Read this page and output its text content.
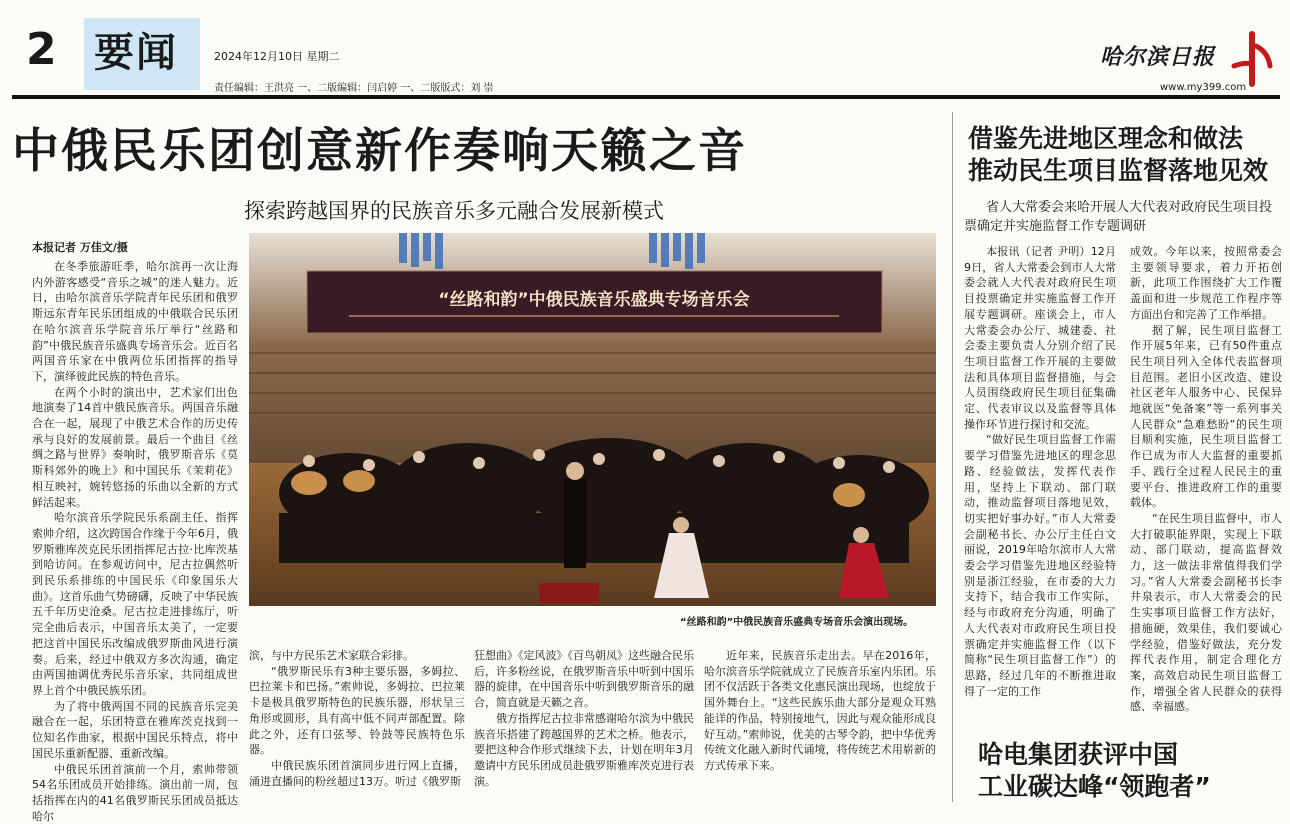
2 要闻	2024年12月10日 星期二
责任编辑：王洪亮 一、二版编辑：闫启婷 一、二版版式：刘 崇
哈尔滨日报
www.my399.com
中俄民乐团创意新作奏响天籁之音
探索跨越国界的民族音乐多元融合发展新模式
本报记者 万佳文/摄

在冬季旅游旺季，哈尔滨再一次让海内外游客感受“音乐之城”的迷人魅力。近日，由哈尔滨音乐学院青年民乐团和俄罗斯远东青年民乐团组成的中俄联合民乐团在哈尔滨音乐学院音乐厅举行“丝路和韵”中俄民族音乐盛典专场音乐会。近百名两国音乐家在中俄两位乐团指挥的指导下，演绎彼此民族的特色音乐。

在两个小时的演出中，艺术家们出色地演奏了14首中俄民族音乐。两国音乐融合在一起，展现了中俄艺术合作的历史传承与良好的发展前景。最后一个曲目《丝绸之路与世界》奏响时，俄罗斯音乐《莫斯科郊外的晚上》和中国民乐《茉莉花》相互映衬，婉转悠扬的乐曲以全新的方式鲜活起来。

哈尔滨音乐学院民乐系副主任、指挥索帅介绍，这次跨国合作缘于今年6月，俄罗斯雅库茨克民乐团指挥尼古拉·比库茨基到哈访问。在参观访问中，尼古拉偶然听到民乐系排练的中国民乐《印象国乐大曲》。这首乐曲气势磅礴，反映了中华民族五千年历史沧桑。尼古拉走进排练厅，听完全曲后表示，中国音乐太美了，一定要把这首中国民乐改编成俄罗斯曲风进行演奏。后来，经过中俄双方多次沟通，确定由两国抽调优秀民乐音乐家，共同组成世界上首个中俄民族乐团。

为了将中俄两国不同的民族音乐完美融合在一起，乐团特意在雅库茨克找到一位知名作曲家，根据中国民乐特点，将中国民乐重新配器、重新改编。

中俄民乐团首演前一个月，索帅带领54名乐团成员开始排练。演出前一周，包括指挥在内的41名俄罗斯民乐团成员抵达哈尔

“丝路和韵”中俄民族音乐盛典专场音乐会
“丝路和韵”中俄民族音乐盛典专场音乐会演出现场。

滨，与中方民乐艺术家联合彩排。

“俄罗斯民乐有3种主要乐器，多姆拉、巴拉莱卡和巴扬。”索帅说，多姆拉、巴拉莱卡是极具俄罗斯特色的民族乐器，形状呈三角形或圆形，具有高中低不同声部配置。除此之外，还有口弦琴、铃鼓等民族特色乐器。

中俄民族乐团首演同步进行网上直播，涌进直播间的粉丝超过13万。听过《俄罗斯

狂想曲》《定风波》《百鸟朝凤》这些融合民乐后，许多粉丝说，在俄罗斯音乐中听到中国乐器的旋律，在中国音乐中听到俄罗斯音乐的融合，简直就是天籁之音。

俄方指挥尼古拉非常感谢哈尔滨为中俄民族音乐搭建了跨越国界的艺术之桥。他表示，要把这种合作形式继续下去，计划在明年3月邀请中方民乐团成员赴俄罗斯雅库茨克进行表演。

近年来，民族音乐走出去。早在2016年，哈尔滨音乐学院就成立了民族音乐室内乐团。乐团不仅活跃于各类文化惠民演出现场，也绽放于国外舞台上。“这些民族乐曲大部分是观众耳熟能详的作品，特别接地气，因此与观众能形成良好互动。”索帅说，优美的古琴令韵，把中华优秀传统文化融入新时代诵境，将传统艺术用崭新的方式传承下来。

借鉴先进地区理念和做法
推动民生项目监督落地见效
省人大常委会来哈开展人大代表对政府民生项目投票确定并实施监督工作专题调研

本报讯（记者 尹明）12月9日，省人大常委会到市人大常委会就人大代表对政府民生项目投票确定并实施监督工作开展专题调研。座谈会上，市人大常委会办公厅、城建委、社会委主要负责人分别介绍了民生项目监督工作开展的主要做法和具体项目监督措施，与会人员围绕政府民生项目征集确定、代表审议以及监督等具体操作环节进行探讨和交流。

“做好民生项目监督工作需要学习借鉴先进地区的理念思路、经验做法，发挥代表作用，坚持上下联动、部门联动，推动监督项目落地见效，切实把好事办好。”市人大常委会副秘书长、办公厅主任白文丽说，2019年哈尔滨市人大常委会学习借鉴先进地区经验特别是浙江经验，在市委的大力支持下，结合我市工作实际，经与市政府充分沟通，明确了人大代表对市政府民生项目投票确定并实施监督工作（以下简称“民生项目监督工作”）的思路，经过几年的不断推进取得了一定的工作

成效。今年以来，按照常委会主要领导要求，着力开拓创新，此项工作围绕扩大工作覆盖面和进一步规范工作程序等方面出台和完善了工作举措。

据了解，民生项目监督工作开展5年来，已有50件重点民生项目列入全体代表监督项目范围。老旧小区改造、建设社区老年人服务中心、民保异地就医“免备案”等一系列事关人民群众“急难愁盼”的民生项目顺利实施，民生项目监督工作已成为市人大监督的重要抓手、践行全过程人民民主的重要平台、推进政府工作的重要载体。

“在民生项目监督中，市人大打破职能界限，实现上下联动、部门联动，提高监督效力，这一做法非常值得我们学习。”省人大常委会副秘书长李井泉表示，市人大常委会的民生实事项目监督工作方法好，措施硬，效果佳，我们要诚心学经验，借鉴好做法，充分发挥代表作用，制定合理化方案，高效启动民生项目监督工作，增强全省人民群众的获得感、幸福感。

哈电集团获评中国
工业碳达峰“领跑者”
